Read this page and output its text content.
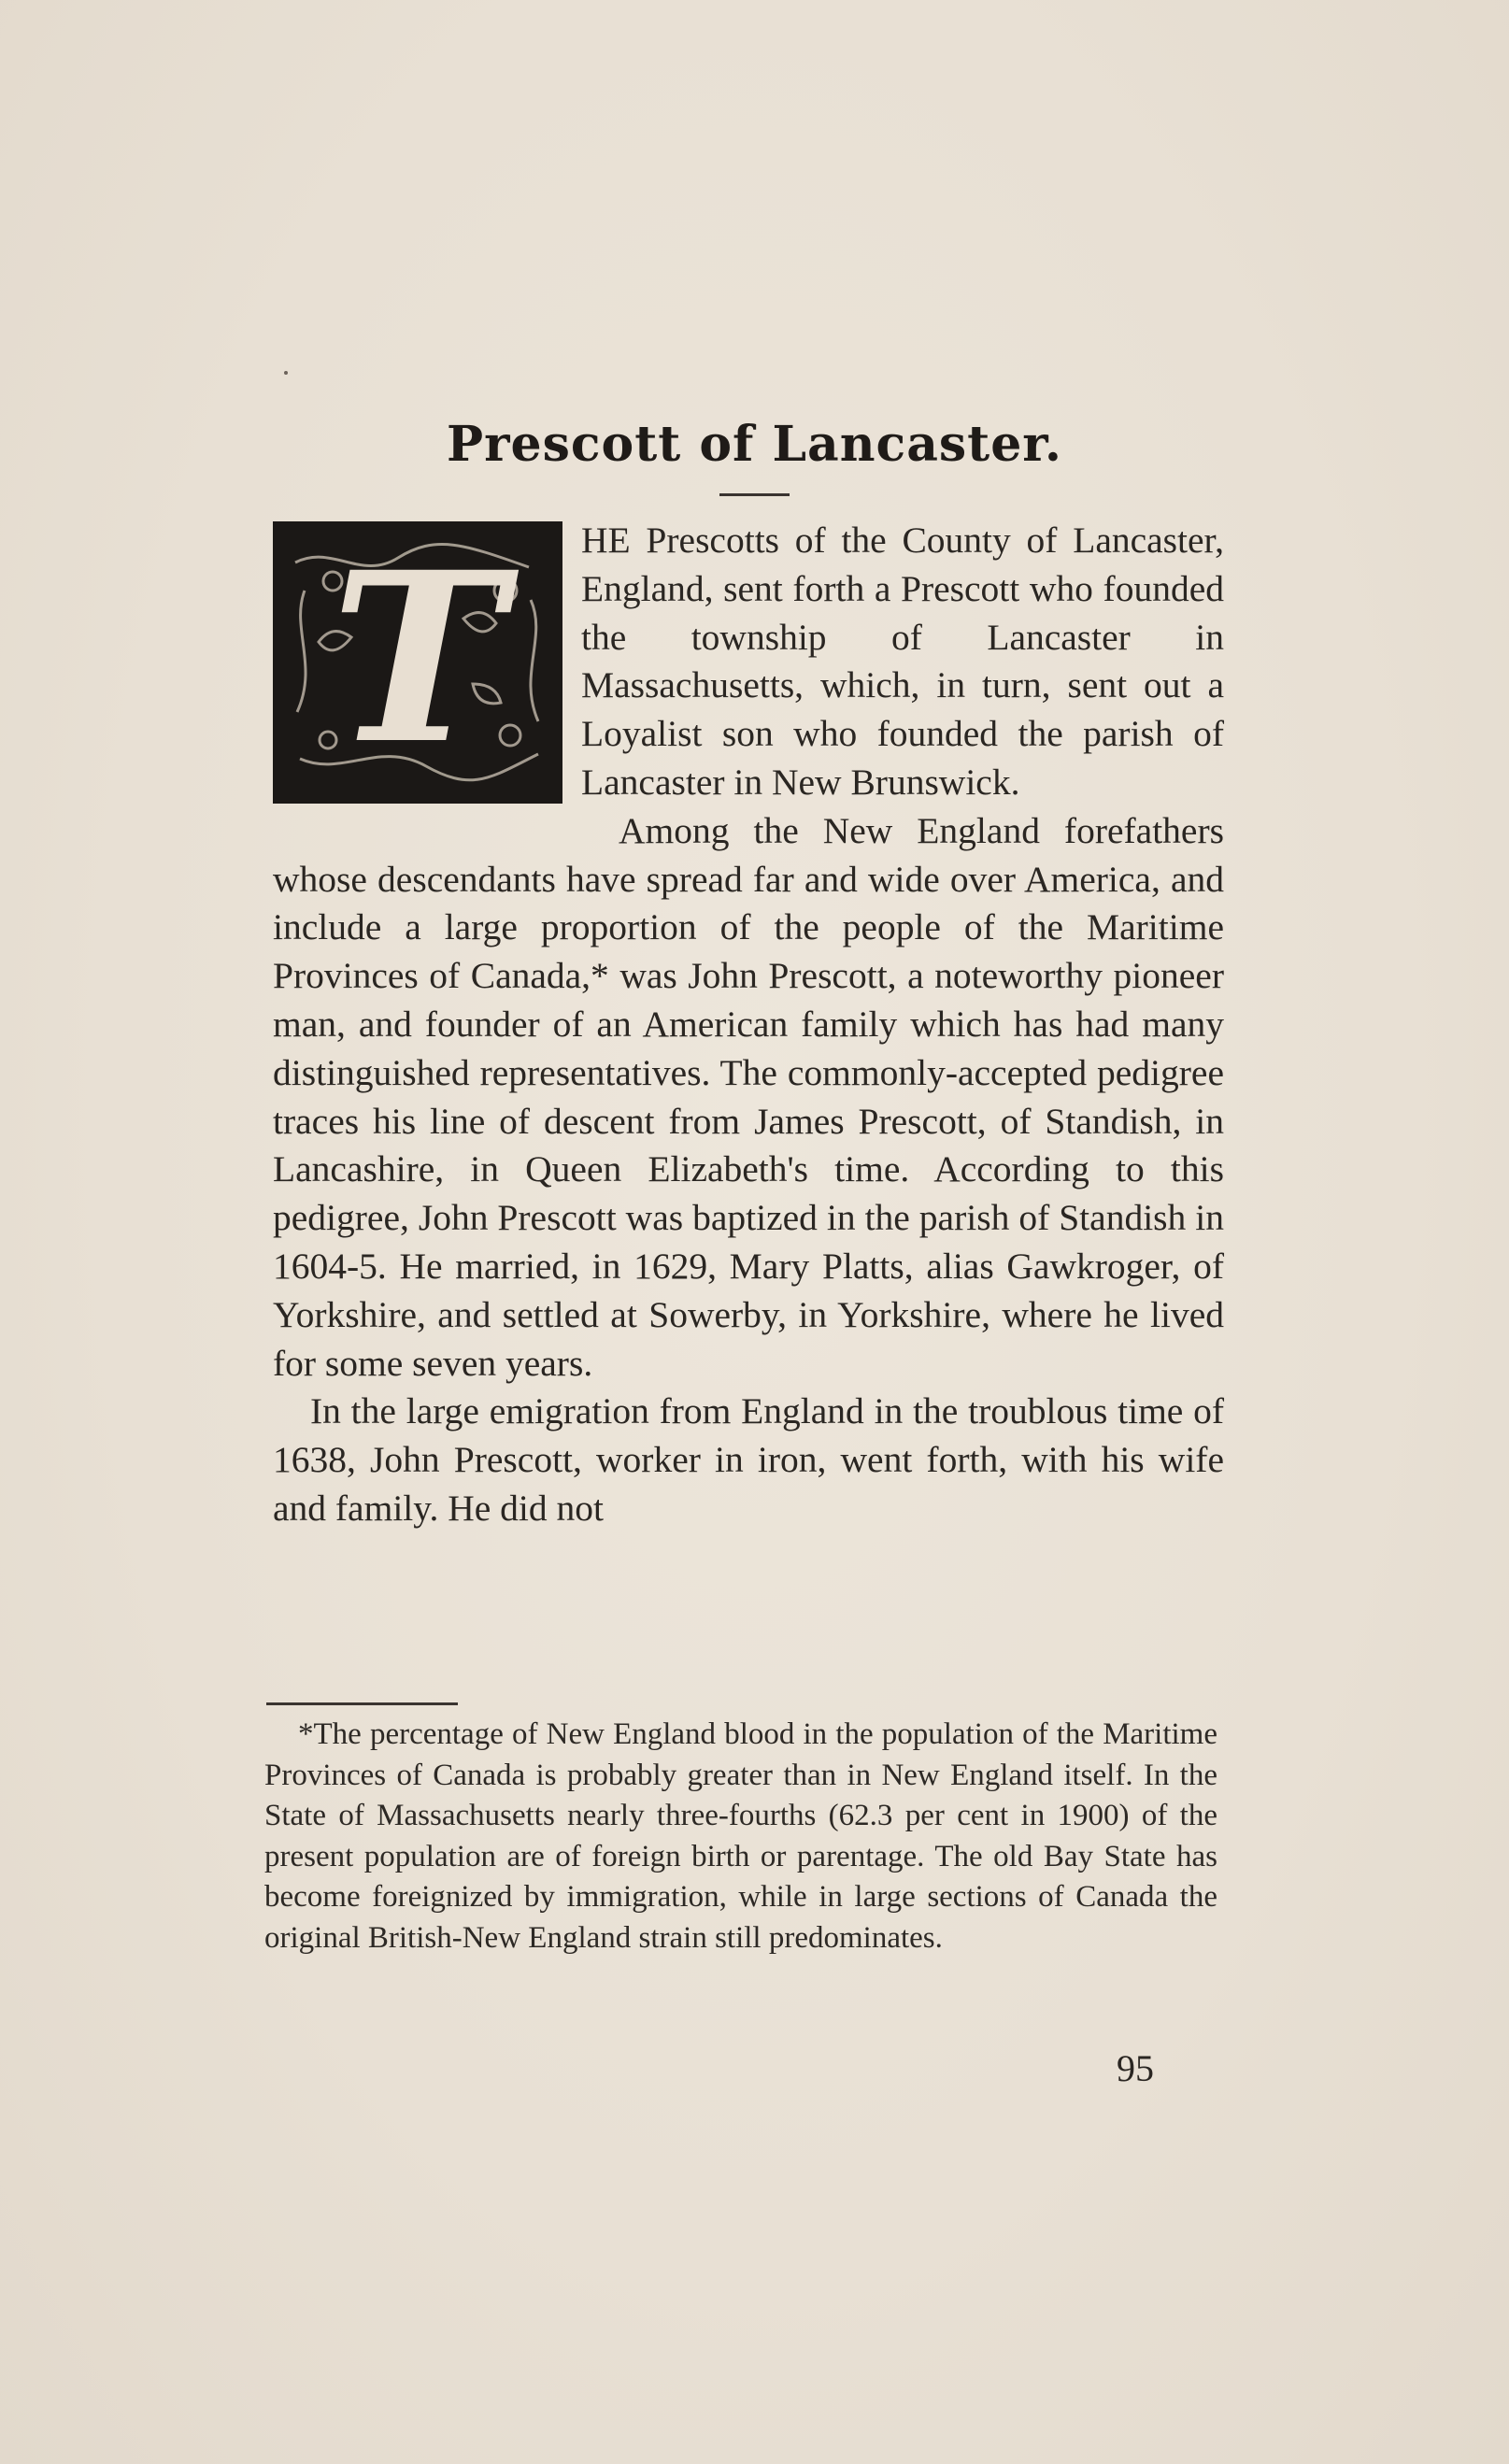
Prescott of Lancaster.
T	HE Prescotts of the County of Lancaster, England, sent forth a Prescott who founded the township of Lancaster in Massachusetts, which, in turn, sent out a Loyalist son who founded the parish of Lancaster in New Brunswick.

Among the New England forefathers whose descendants have spread far and wide over America, and include a large proportion of the people of the Maritime Provinces of Canada,* was John Prescott, a noteworthy pioneer man, and founder of an American family which has had many distinguished representatives. The commonly-accepted pedigree traces his line of descent from James Prescott, of Standish, in Lancashire, in Queen Elizabeth's time. According to this pedigree, John Prescott was baptized in the parish of Standish in 1604-5. He married, in 1629, Mary Platts, alias Gawkroger, of Yorkshire, and settled at Sowerby, in Yorkshire, where he lived for some seven years.

In the large emigration from England in the troublous time of 1638, John Prescott, worker in iron, went forth, with his wife and family. He did not

*The percentage of New England blood in the population of the Maritime Provinces of Canada is probably greater than in New England itself. In the State of Massachusetts nearly three-fourths (62.3 per cent in 1900) of the present population are of foreign birth or parentage. The old Bay State has become foreignized by immigration, while in large sections of Canada the original British-New England strain still predominates.

95
